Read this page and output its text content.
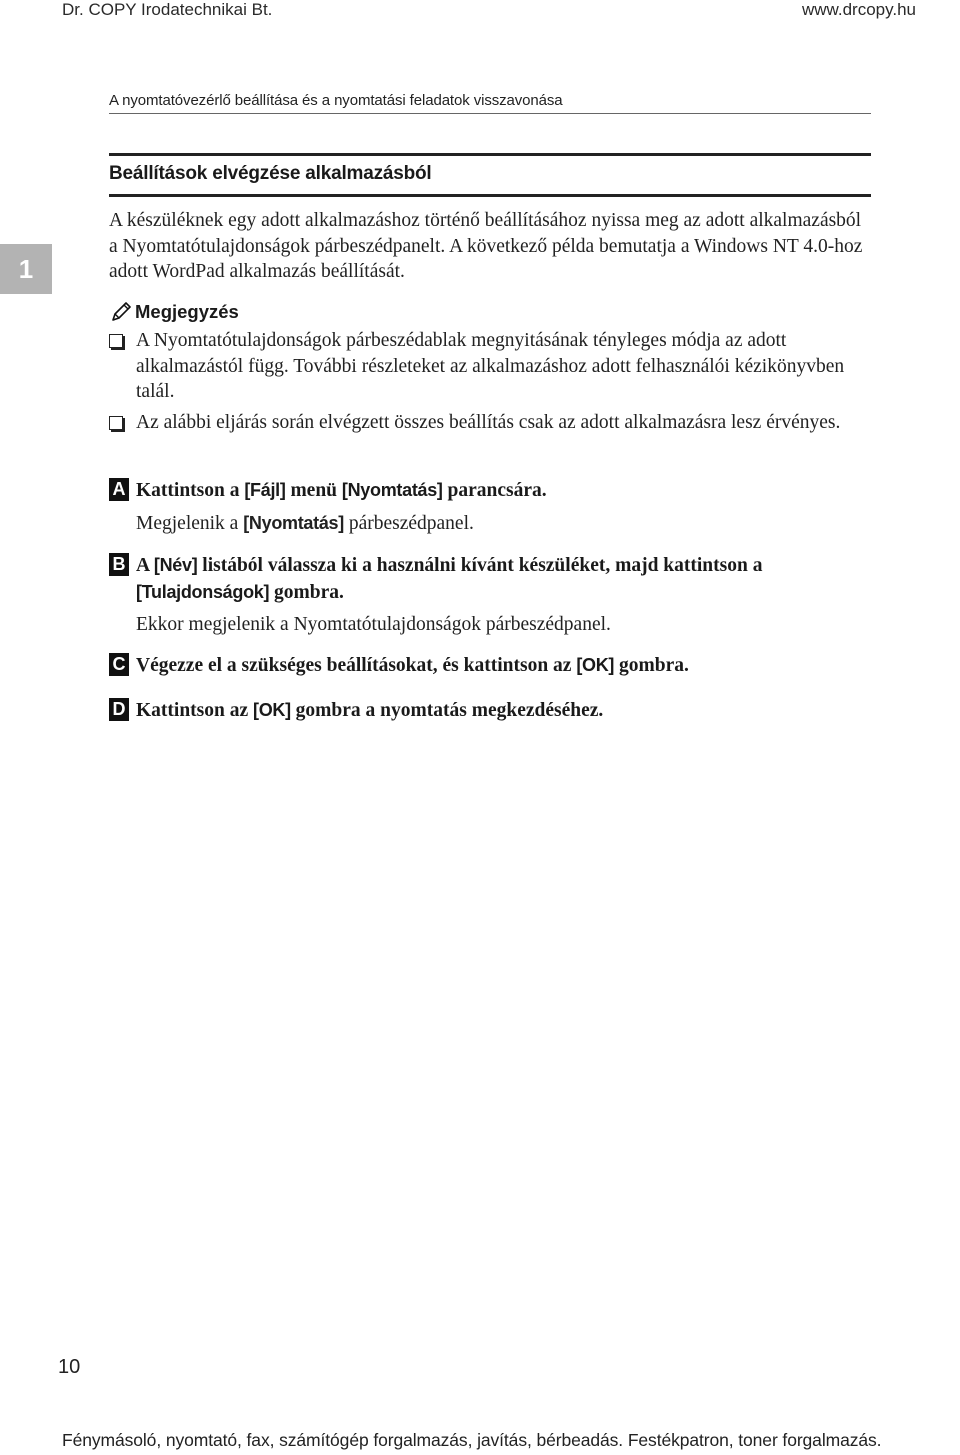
Dr. COPY Irodatechnikai Bt.	www.drcopy.hu
A nyomtatóvezérlő beállítása és a nyomtatási feladatok visszavonása
1
Beállítások elvégzése alkalmazásból
A készüléknek egy adott alkalmazáshoz történő beállításához nyissa meg az adott alkalmazásból a Nyomtatótulajdonságok párbeszédpanelt. A következő példa bemutatja a Windows NT 4.0-hoz adott WordPad alkalmazás beállítását.
Megjegyzés
A Nyomtatótulajdonságok párbeszédablak megnyitásának tényleges módja az adott alkalmazástól függ. További részleteket az alkalmazáshoz adott felhasználói kézikönyvben talál.
Az alábbi eljárás során elvégzett összes beállítás csak az adott alkalmazásra lesz érvényes.
A Kattintson a [Fájl] menü [Nyomtatás] parancsára.
Megjelenik a [Nyomtatás] párbeszédpanel.
B A [Név] listából válassza ki a használni kívánt készüléket, majd kattintson a [Tulajdonságok] gombra.
Ekkor megjelenik a Nyomtatótulajdonságok párbeszédpanel.
C Végezze el a szükséges beállításokat, és kattintson az [OK] gombra.
D Kattintson az [OK] gombra a nyomtatás megkezdéséhez.
10
Fénymásoló, nyomtató, fax, számítógép forgalmazás, javítás, bérbeadás. Festékpatron, toner forgalmazás.
